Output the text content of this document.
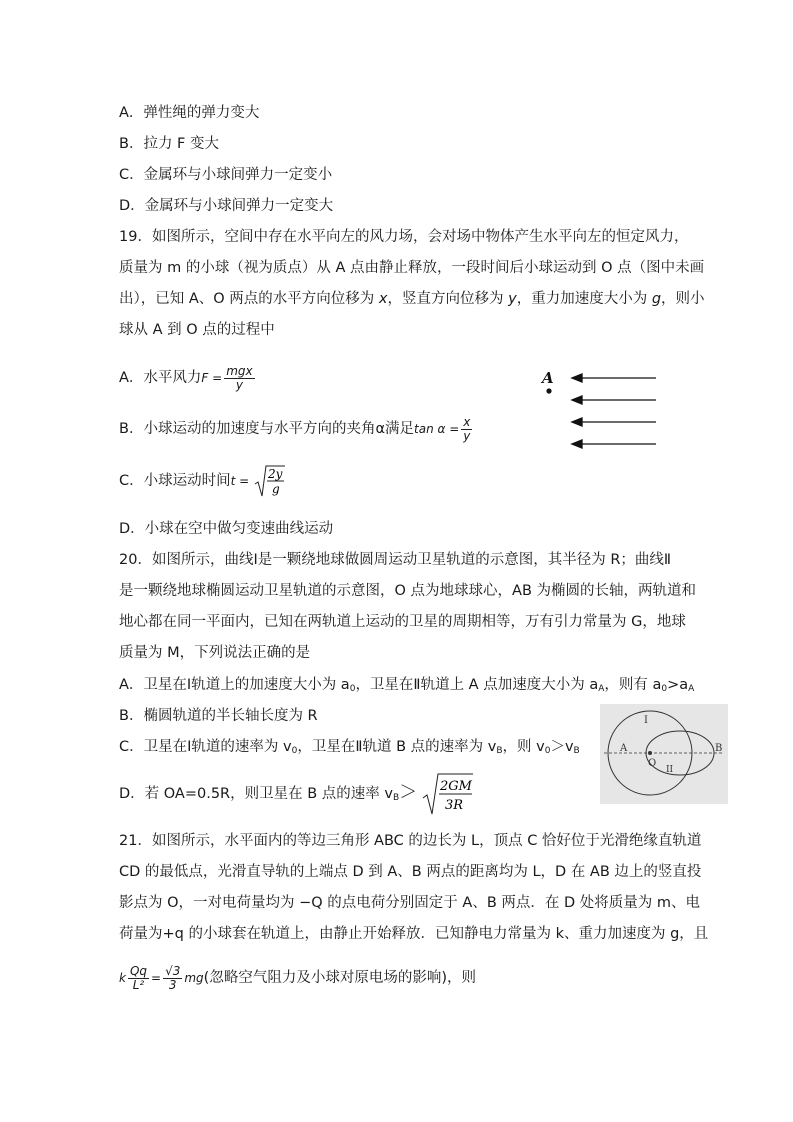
A．弹性绳的弹力变大
B．拉力 F 变大
C．金属环与小球间弹力一定变小
D．金属环与小球间弹力一定变大
19．如图所示，空间中存在水平向左的风力场，会对场中物体产生水平向左的恒定风力，
质量为 m 的小球（视为质点）从 A 点由静止释放，一段时间后小球运动到 O 点（图中未画
出），已知 A、O 两点的水平方向位移为 x，竖直方向位移为 y，重力加速度大小为 g，则小
球从 A 到 O 点的过程中
A．水平风力$F = \frac{\text{mgx}}{y}$
B．小球运动的加速度与水平方向的夹角α满足$\tan \alpha = \frac{x}{y}$
C．小球运动时间t = 2y
g
D．小球在空中做匀变速曲线运动
A
20．如图所示，曲线Ⅰ是一颗绕地球做圆周运动卫星轨道的示意图，其半径为 R；曲线Ⅱ
是一颗绕地球椭圆运动卫星轨道的示意图，O 点为地球球心，AB 为椭圆的长轴，两轨道和
地心都在同一平面内，已知在两轨道上运动的卫星的周期相等，万有引力常量为 G，地球
质量为 M，下列说法正确的是
A．卫星在Ⅰ轨道上的加速度大小为 $a_0$，卫星在Ⅱ轨道上 A 点加速度大小为 $a_A$，则有 $a_0>a_A$
B．椭圆轨道的半长轴长度为 R
C．卫星在Ⅰ轨道的速率为 $v_0$，卫星在Ⅱ轨道 B 点的速率为 $v_B$，则 $v_0>v_B$
D．若 OA=0.5R，则卫星在 B 点的速率 $v_B> 2GM$
3R
I
II
A	B
O
21．如图所示，水平面内的等边三角形 ABC 的边长为 L，顶点 C 恰好位于光滑绝缘直轨道
CD 的最低点，光滑直导轨的上端点 D 到 A、B 两点的距离均为 L，D 在 AB 边上的竖直投
影点为 O，一对电荷量均为 −Q 的点电荷分别固定于 A、B 两点．在 D 处将质量为 m、电
荷量为+q 的小球套在轨道上，由静止开始释放．已知静电力常量为 k、重力加速度为 g，且
k $\frac{Qq}{\text{L²}} = \frac{√3}{3} mg$(忽略空气阻力及小球对原电场的影响)，则
